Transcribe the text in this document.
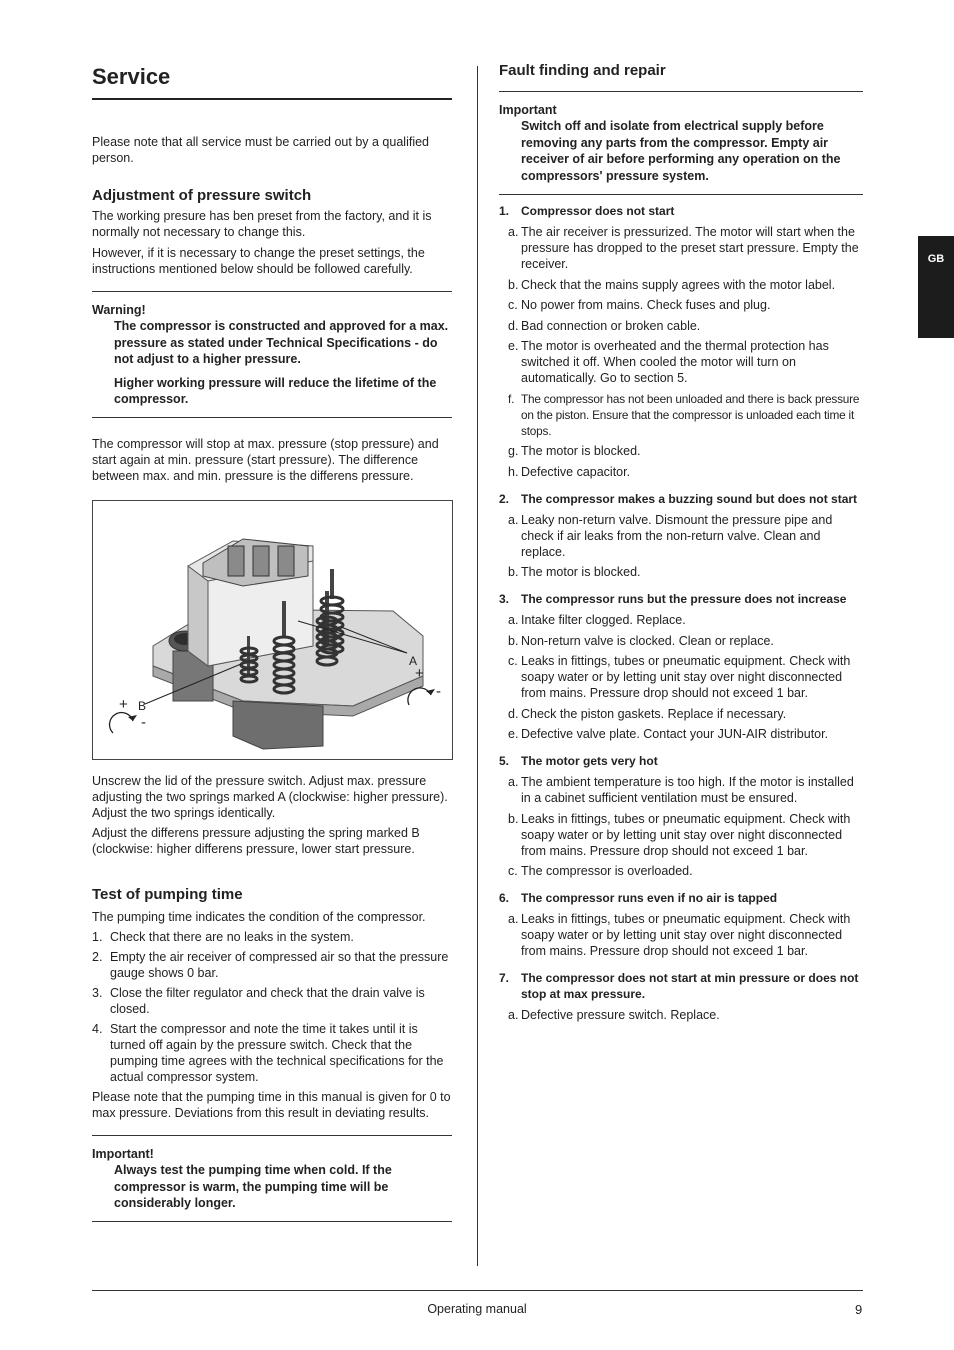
Service

Please note that all service must be carried out by a qualified person.

Adjustment of pressure switch

The working presure has ben preset from the factory, and it is normally not necessary to change this.

However, if it is necessary to change the preset settings, the instructions mentioned below should be followed carefully.

Warning!
The compressor is constructed and approved for a max. pressure as stated under Technical Specifications - do not adjust to a higher pressure.
Higher working pressure will reduce the lifetime of the compressor.

The compressor will stop at max. pressure (stop pressure) and start again at min. pressure (start pressure). The difference between max. and min. pressure is the differens pressure.

A
B
+
-
+
-

Unscrew the lid of the pressure switch. Adjust max. pressure adjusting the two springs marked A (clockwise: higher pressure). Adjust the two springs identically.

Adjust the differens pressure adjusting the spring marked B (clockwise: higher differens pressure, lower start pressure.

Test of pumping time

The pumping time indicates the condition of the compressor.

1. Check that there are no leaks in the system.
2. Empty the air receiver of compressed air so that the pressure gauge shows 0 bar.
3. Close the filter regulator and check that the drain valve is closed.
4. Start the compressor and note the time it takes until it is turned off again by the pressure switch. Check that the pumping time agrees with the technical specifications for the actual compressor system.

Please note that the pumping time in this manual is given for 0 to max pressure. Deviations from this result in deviating results.

Important!
Always test the pumping time when cold. If the compressor is warm, the pumping time will be considerably longer.
Fault finding and repair
Important
Switch off and isolate from electrical supply before removing any parts from the compressor. Empty air receiver of air before performing any operation on the compressors' pressure system.
1. Compressor does not start
a. The air receiver is pressurized. The motor will start when the pressure has dropped to the preset start pressure. Empty the receiver.
b. Check that the mains supply agrees with the motor label.
c. No power from mains. Check fuses and plug.
d. Bad connection or broken cable.
e. The motor is overheated and the thermal protection has switched it off. When cooled the motor will turn on automatically. Go to section 5.
f. The compressor has not been unloaded and there is back pressure on the piston. Ensure that the compressor is unloaded each time it stops.
g. The motor is blocked.
h. Defective capacitor.
2. The compressor makes a buzzing sound but does not start
a. Leaky non-return valve. Dismount the pressure pipe and check if air leaks from the non-return valve. Clean and replace.
b. The motor is blocked.
3. The compressor runs but the pressure does not increase
a. Intake filter clogged. Replace.
b. Non-return valve is clocked. Clean or replace.
c. Leaks in fittings, tubes or pneumatic equipment. Check with soapy water or by letting unit stay over night disconnected from mains. Pressure drop should not exceed 1 bar.
d. Check the piston gaskets. Replace if necessary.
e. Defective valve plate. Contact your JUN-AIR distributor.
5. The motor gets very hot
a. The ambient temperature is too high. If the motor is installed in a cabinet sufficient ventilation must be ensured.
b. Leaks in fittings, tubes or pneumatic equipment. Check with soapy water or by letting unit stay over night disconnected from mains. Pressure drop should not exceed 1 bar.
c. The compressor is overloaded.
6. The compressor runs even if no air is tapped
a. Leaks in fittings, tubes or pneumatic equipment. Check with soapy water or by letting unit stay over night disconnected from mains. Pressure drop should not exceed 1 bar.
7. The compressor does not start at min pressure or does not stop at max pressure.
a. Defective pressure switch. Replace.
GB
Operating manual	9
